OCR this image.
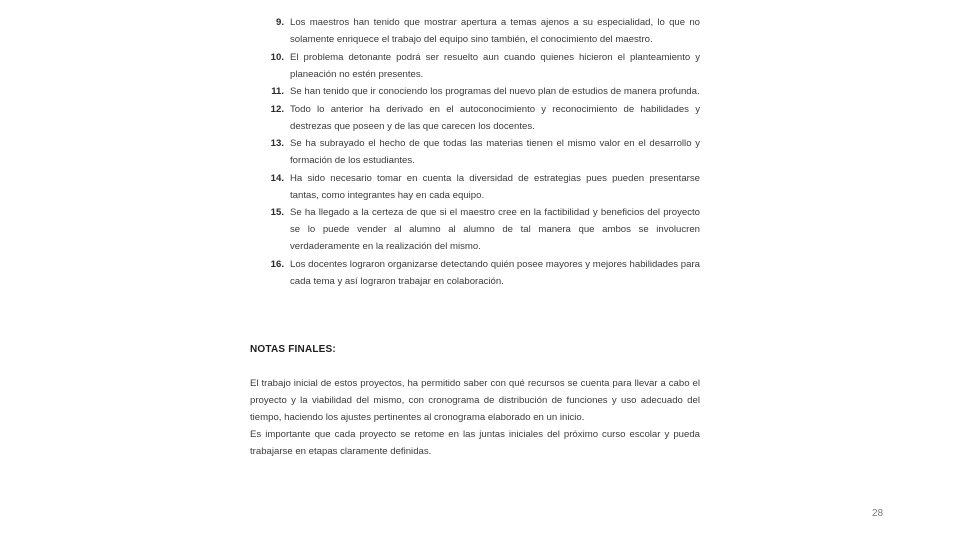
9. Los maestros han tenido que mostrar apertura a temas ajenos a su especialidad, lo que no solamente enriquece el trabajo del equipo sino también, el conocimiento del maestro.
10. El problema detonante podrá ser resuelto aun cuando quienes hicieron el planteamiento y planeación no estén presentes.
11. Se han tenido que ir conociendo los programas del nuevo plan de estudios de manera profunda.
12. Todo lo anterior ha derivado en el autoconocimiento y reconocimiento de habilidades y destrezas que poseen y de las que carecen los docentes.
13. Se ha subrayado el hecho de que todas las materias tienen el mismo valor en el desarrollo y formación de los estudiantes.
14. Ha sido necesario tomar en cuenta la diversidad de estrategias pues pueden presentarse tantas, como integrantes hay en cada equipo.
15. Se ha llegado a la certeza de que si el maestro cree en la factibilidad y beneficios del proyecto se lo puede vender al alumno al alumno de tal manera que ambos se involucren verdaderamente en la realización del mismo.
16. Los docentes lograron organizarse detectando quién posee mayores y mejores habilidades para cada tema y así lograron trabajar en colaboración.
NOTAS FINALES:

El trabajo inicial de estos proyectos, ha permitido saber con qué recursos se cuenta para llevar a cabo el proyecto y la viabilidad del mismo, con cronograma de distribución de funciones y uso adecuado del tiempo, haciendo los ajustes pertinentes al cronograma elaborado en un inicio.

Es importante que cada proyecto se retome en las juntas iniciales del próximo curso escolar y pueda trabajarse en etapas claramente definidas.

28
